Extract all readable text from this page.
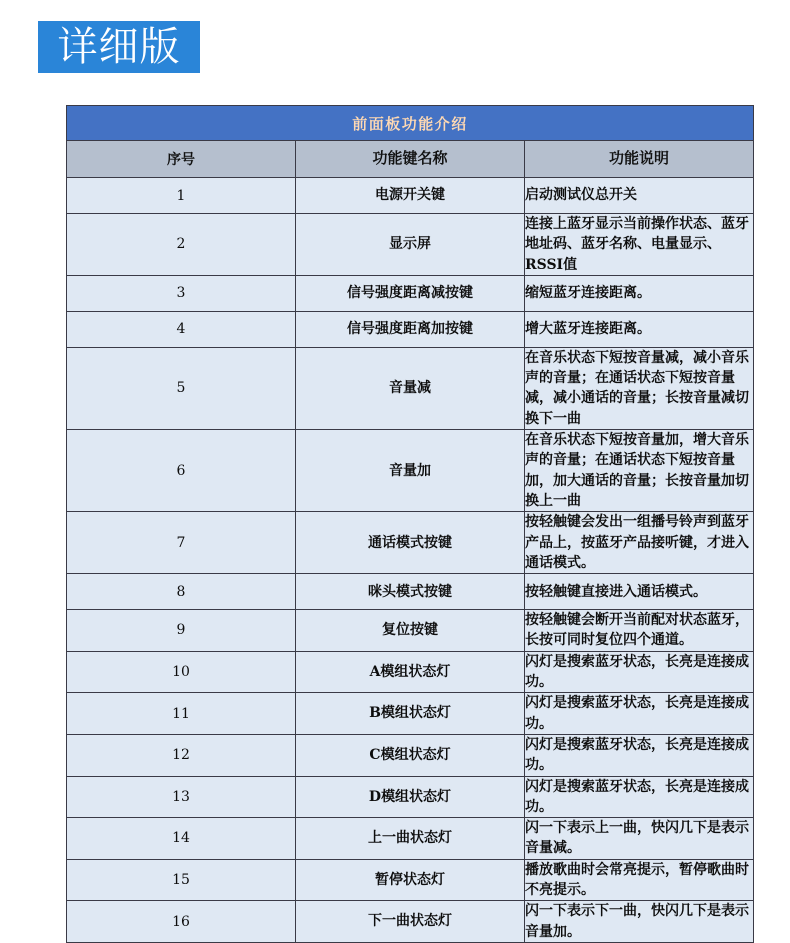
详细版
前面板功能介绍		
序号	功能键名称	功能说明
1	电源开关键	启动测试仪总开关
2	显示屏	连接上蓝牙显示当前操作状态、蓝牙地址码、蓝牙名称、电量显示、RSSI值
3	信号强度距离减按键	缩短蓝牙连接距离。
4	信号强度距离加按键	增大蓝牙连接距离。
5	音量减	在音乐状态下短按音量减，减小音乐声的音量；在通话状态下短按音量减，减小通话的音量；长按音量减切换下一曲
6	音量加	在音乐状态下短按音量加，增大音乐声的音量；在通话状态下短按音量加，加大通话的音量；长按音量加切换上一曲
7	通话模式按键	按轻触键会发出一组播号铃声到蓝牙产品上，按蓝牙产品接听键，才进入通话模式。
8	咪头模式按键	按轻触键直接进入通话模式。
9	复位按键	按轻触键会断开当前配对状态蓝牙，长按可同时复位四个通道。
10	A模组状态灯	闪灯是搜索蓝牙状态，长亮是连接成功。
11	B模组状态灯	闪灯是搜索蓝牙状态，长亮是连接成功。
12	C模组状态灯	闪灯是搜索蓝牙状态，长亮是连接成功。
13	D模组状态灯	闪灯是搜索蓝牙状态，长亮是连接成功。
14	上一曲状态灯	闪一下表示上一曲，快闪几下是表示音量减。
15	暂停状态灯	播放歌曲时会常亮提示，暂停歌曲时不亮提示。
16	下一曲状态灯	闪一下表示下一曲，快闪几下是表示音量加。
